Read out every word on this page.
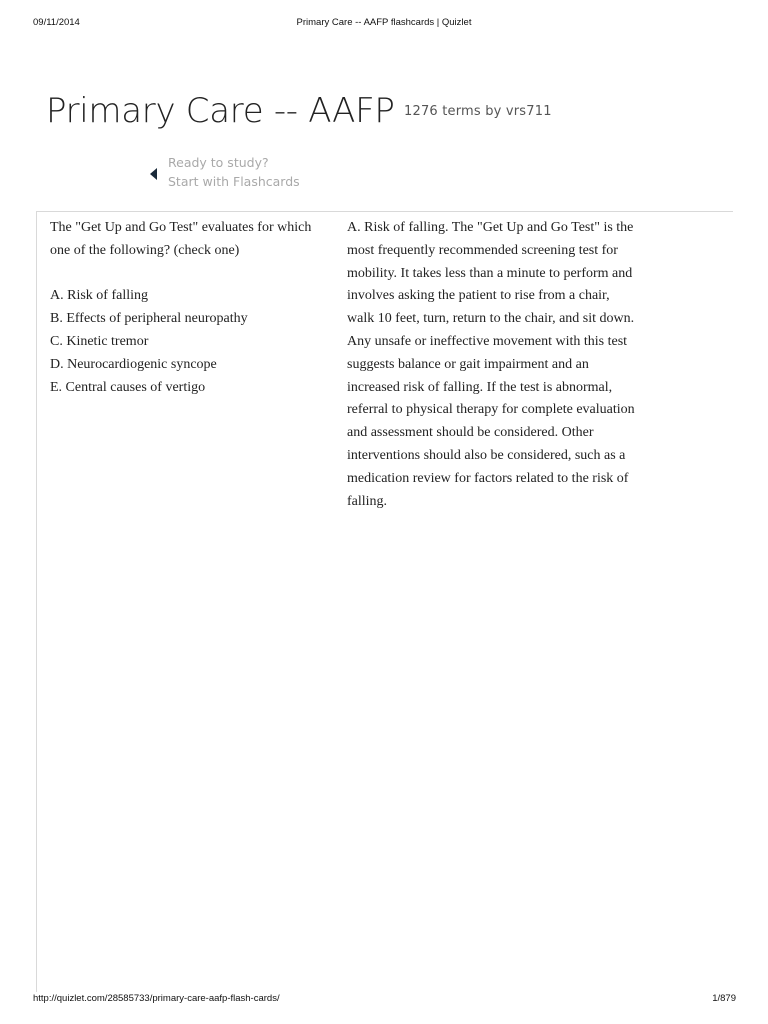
09/11/2014	Primary Care -- AAFP flashcards | Quizlet
Primary Care -- AAFP 1276 terms by vrs711
Ready to study?
Start with Flashcards
The "Get Up and Go Test" evaluates for which one of the following? (check one)
A. Risk of falling
B. Effects of peripheral neuropathy
C. Kinetic tremor
D. Neurocardiogenic syncope
E. Central causes of vertigo
A. Risk of falling. The "Get Up and Go Test" is the most frequently recommended screening test for mobility. It takes less than a minute to perform and involves asking the patient to rise from a chair, walk 10 feet, turn, return to the chair, and sit down. Any unsafe or ineffective movement with this test suggests balance or gait impairment and an increased risk of falling. If the test is abnormal, referral to physical therapy for complete evaluation and assessment should be considered. Other interventions should also be considered, such as a medication review for factors related to the risk of falling.
http://quizlet.com/28585733/primary-care-aafp-flash-cards/	1/879
